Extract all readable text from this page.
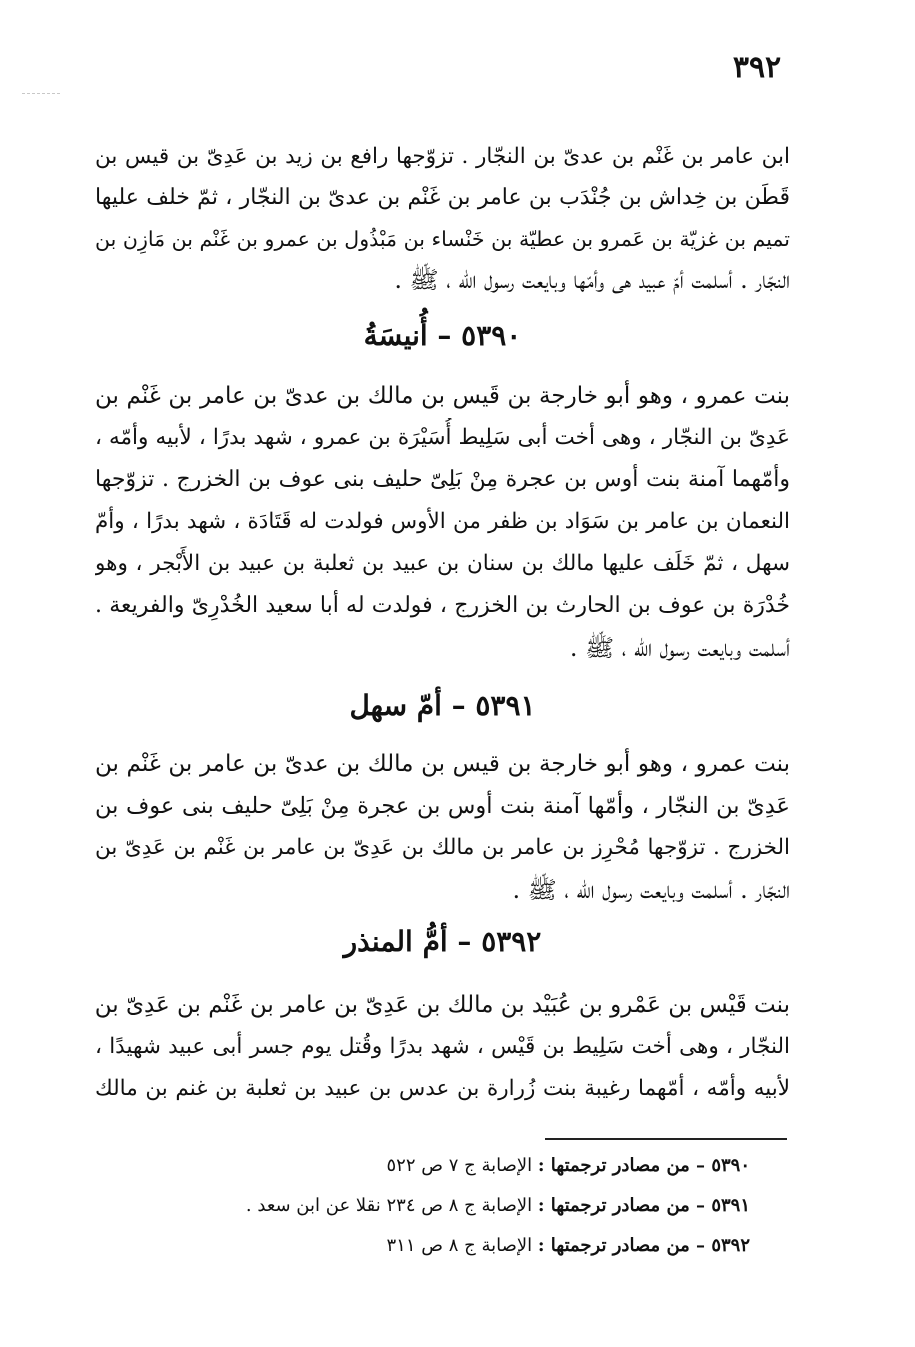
٣٩٢
ابن عامر بن غَنْم بن عدىّ بن النجّار . تزوّجها رافع بن زيد بن عَدِىّ بن قيس بن
قَطَن بن خِداش بن جُنْدَب بن عامر بن غَنْم بن عدىّ بن النجّار ، ثمّ خلف عليها
تميم بن غزيّة بن عَمرو بن عطيّة بن خَنْساء بن مَبْذُول بن عمرو بن غَنْم بن مَازِن بن
النجّار . أسلمت أمّ عبيد هى وأمّها وبايعت رسول الله ، ﷺ .
٥٣٩٠ – أُنيسَةُ
بنت عمرو ، وهو أبو خارجة بن قَيس بن مالك بن عدىّ بن عامر بن غَنْم بن
عَدِىّ بن النجّار ، وهى أخت أبى سَلِيط أُسَيْرَة بن عمرو ، شهد بدرًا ، لأبيه وأمّه ،
وأمّهما آمنة بنت أوس بن عجرة مِنْ بَلِىّ حليف بنى عوف بن الخزرج . تزوّجها
النعمان بن عامر بن سَوَاد بن ظفر من الأوس فولدت له قَتَادَة ، شهد بدرًا ، وأمّ
سهل ، ثمّ خَلَف عليها مالك بن سنان بن عبيد بن ثعلبة بن عبيد بن الأَبْجر ، وهو
خُدْرَة بن عوف بن الحارث بن الخزرج ، فولدت له أبا سعيد الخُدْرِىّ والفريعة .
أسلمت وبايعت رسول الله ، ﷺ .
٥٣٩١ – أمّ سهل
بنت عمرو ، وهو أبو خارجة بن قيس بن مالك بن عدىّ بن عامر بن غَنْم بن
عَدِىّ بن النجّار ، وأمّها آمنة بنت أوس بن عجرة مِنْ بَلِىّ حليف بنى عوف بن
الخزرج . تزوّجها مُحْرِز بن عامر بن مالك بن عَدِىّ بن عامر بن غَنْم بن عَدِىّ بن
النجّار . أسلمت وبايعت رسول الله ، ﷺ .
٥٣٩٢ – أمُّ المنذر
بنت قَيْس بن عَمْرو بن عُبَيْد بن مالك بن عَدِىّ بن عامر بن غَنْم بن عَدِىّ بن
النجّار ، وهى أخت سَلِيط بن قَيْس ، شهد بدرًا وقُتل يوم جسر أبى عبيد شهيدًا ،
لأبيه وأمّه ، أمّهما رغيبة بنت زُرارة بن عدس بن عبيد بن ثعلبة بن غنم بن مالك
٥٣٩٠ – من مصادر ترجمتها : الإصابة ج ٧ ص ٥٢٢
٥٣٩١ – من مصادر ترجمتها : الإصابة ج ٨ ص ٢٣٤ نقلا عن ابن سعد .
٥٣٩٢ – من مصادر ترجمتها : الإصابة ج ٨ ص ٣١١
